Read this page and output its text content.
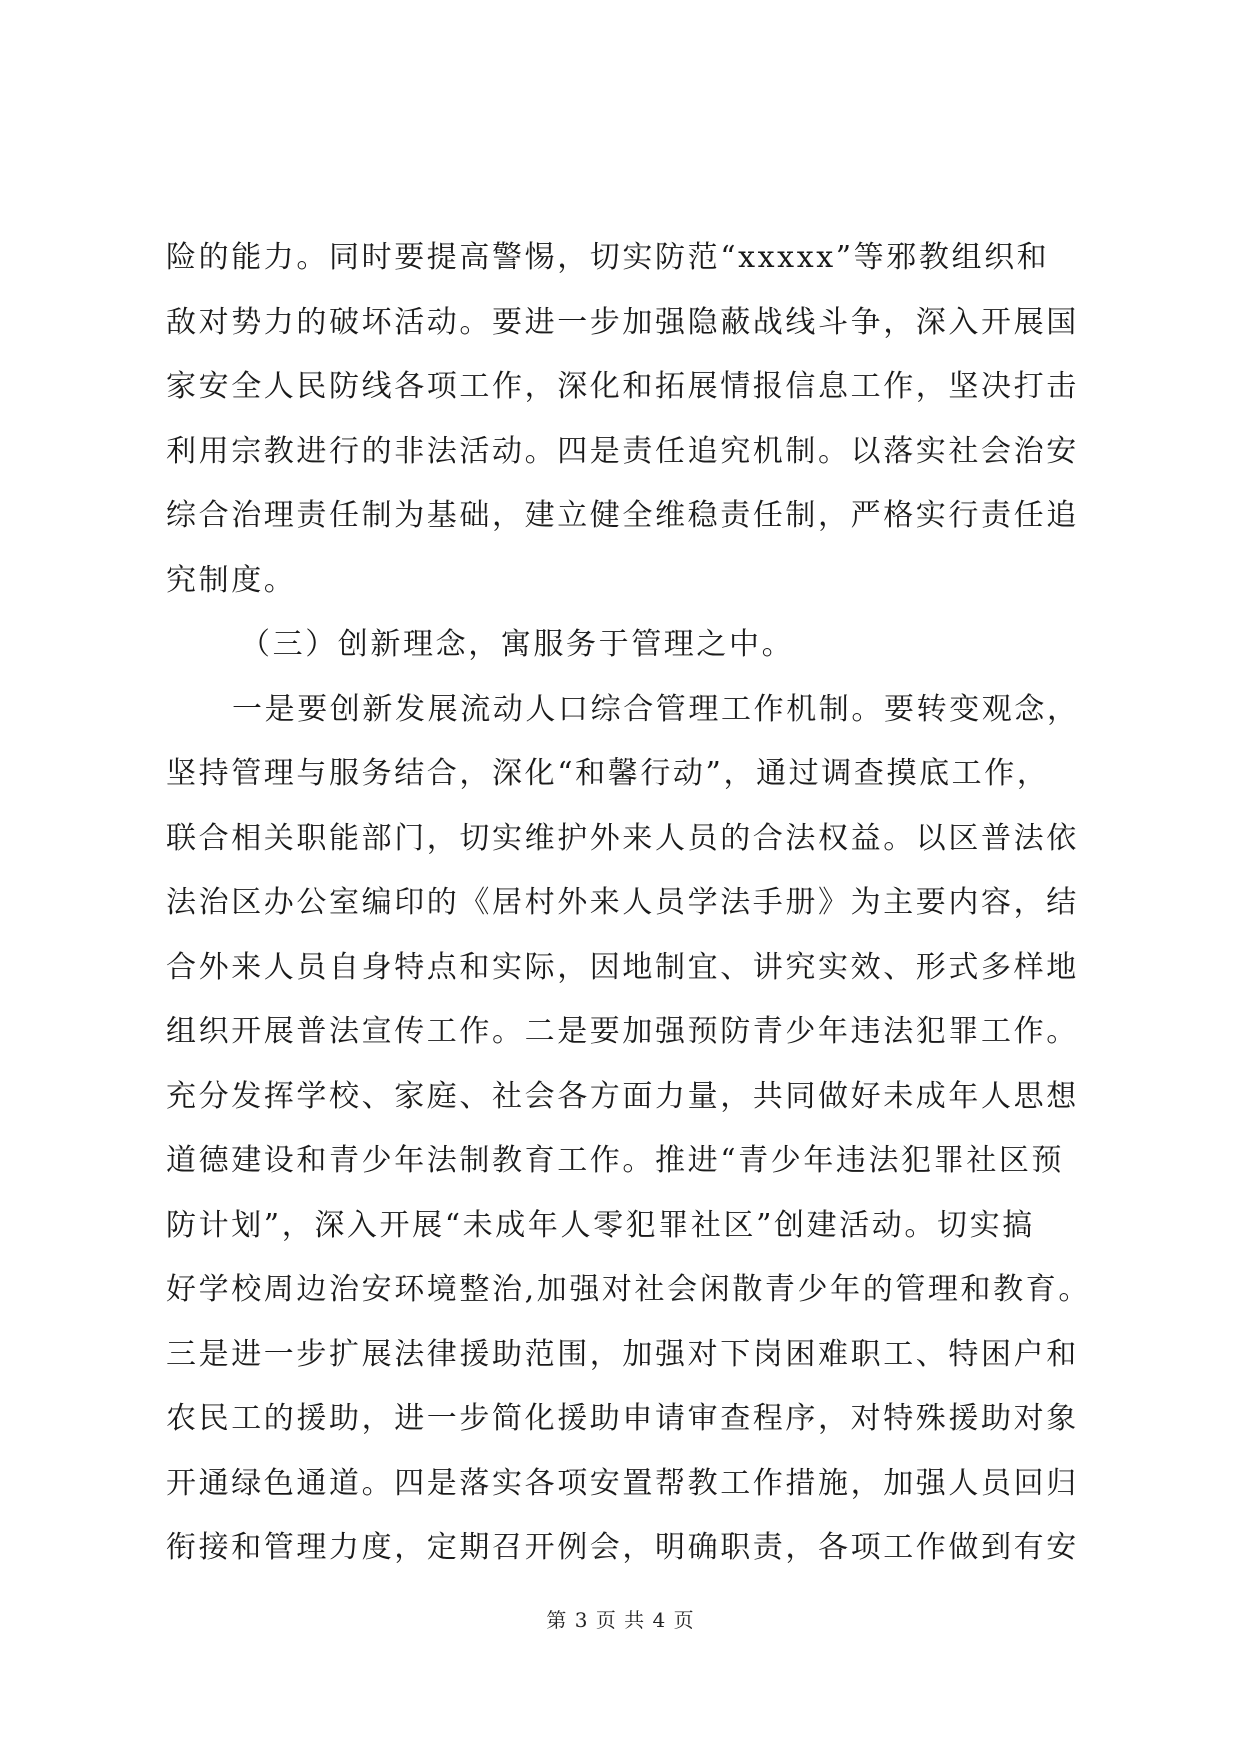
险的能力。同时要提高警惕，切实防范“xxxxx”等邪教组织和
敌对势力的破坏活动。要进一步加强隐蔽战线斗争，深入开展国
家安全人民防线各项工作，深化和拓展情报信息工作，坚决打击
利用宗教进行的非法活动。四是责任追究机制。以落实社会治安
综合治理责任制为基础，建立健全维稳责任制，严格实行责任追
究制度。
（三）创新理念，寓服务于管理之中。
一是要创新发展流动人口综合管理工作机制。要转变观念，
坚持管理与服务结合，深化“和馨行动”，通过调查摸底工作，
联合相关职能部门，切实维护外来人员的合法权益。以区普法依
法治区办公室编印的《居村外来人员学法手册》为主要内容，结
合外来人员自身特点和实际，因地制宜、讲究实效、形式多样地
组织开展普法宣传工作。二是要加强预防青少年违法犯罪工作。
充分发挥学校、家庭、社会各方面力量，共同做好未成年人思想
道德建设和青少年法制教育工作。推进“青少年违法犯罪社区预
防计划”，深入开展“未成年人零犯罪社区”创建活动。切实搞
好学校周边治安环境整治,加强对社会闲散青少年的管理和教育。
三是进一步扩展法律援助范围，加强对下岗困难职工、特困户和
农民工的援助，进一步简化援助申请审查程序，对特殊援助对象
开通绿色通道。四是落实各项安置帮教工作措施，加强人员回归
衔接和管理力度，定期召开例会，明确职责，各项工作做到有安
第 3 页 共 4 页
